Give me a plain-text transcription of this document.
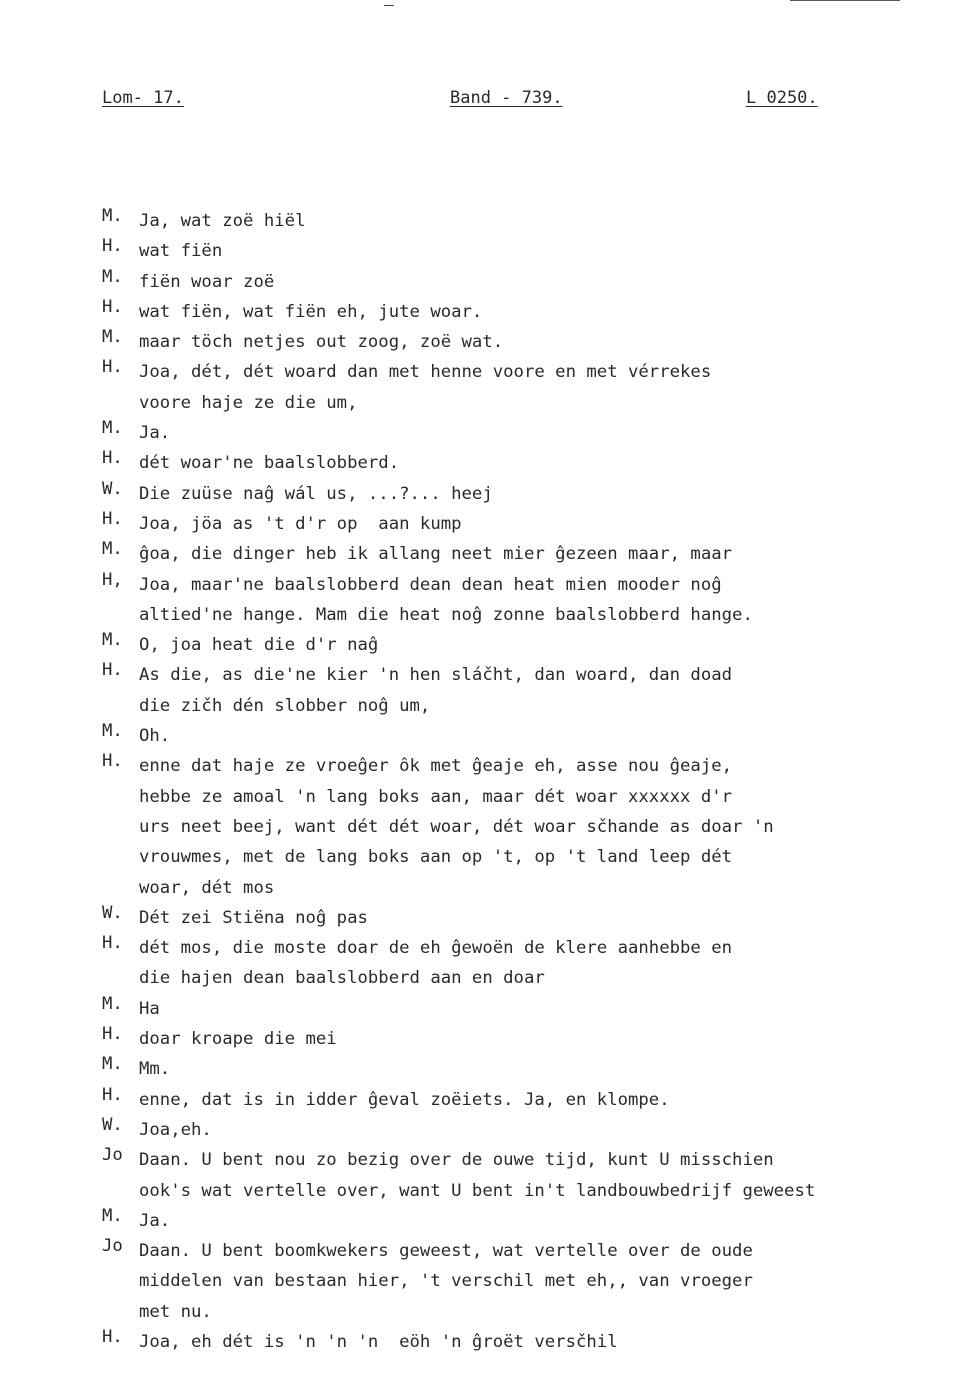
Lom- 17.	Band - 739.	L 0250.
M. Ja, wat zoë hiël
H. wat fiën
M. fiën woar zoë
H. wat fiën, wat fiën eh, jute woar.
M. maar töch netjes out zoog, zoë wat.
H. Joa, dét, dét woard dan met henne voore en met vérrekes
voore haje ze die um,
M. Ja.
H. dét woar'ne baalslobberd.
W. Die zuüse naĝ wál us, ...?... heej
H. Joa, jöa as 't d'r op  aan kump
M. ĝoa, die dinger heb ik allang neet mier ĝezeen maar, maar
H, Joa, maar'ne baalslobberd dean dean heat mien mooder noĝ
altied'ne hange. Mam die heat noĝ zonne baalslobberd hange.
M. O, joa heat die d'r naĝ
H. As die, as die'ne kier 'n hen sláčht, dan woard, dan doad
die zičh dén slobber noĝ um,
M. Oh.
H. enne dat haje ze vroeĝer ôk met ĝeaje eh, asse nou ĝeaje,
hebbe ze amoal 'n lang boks aan, maar dét woar xxxxxx d'r
urs neet beej, want dét dét woar, dét woar sčhande as doar 'n
vrouwmes, met de lang boks aan op 't, op 't land leep dét
woar, dét mos
W. Dét zei Stiëna noĝ pas
H. dét mos, die moste doar de eh ĝewoën de klere aanhebbe en
die hajen dean baalslobberd aan en doar
M. Ha
H. doar kroape die mei
M. Mm.
H. enne, dat is in idder ĝeval zoëiets. Ja, en klompe.
W. Joa,eh.
Jo Daan. U bent nou zo bezig over de ouwe tijd, kunt U misschien
ook's wat vertelle over, want U bent in't landbouwbedrijf geweest
M. Ja.
Jo Daan. U bent boomkwekers geweest, wat vertelle over de oude
middelen van bestaan hier, 't verschil met eh,, van vroeger
met nu.
H. Joa, eh dét is 'n 'n 'n  eöh 'n ĝroët versčhil
